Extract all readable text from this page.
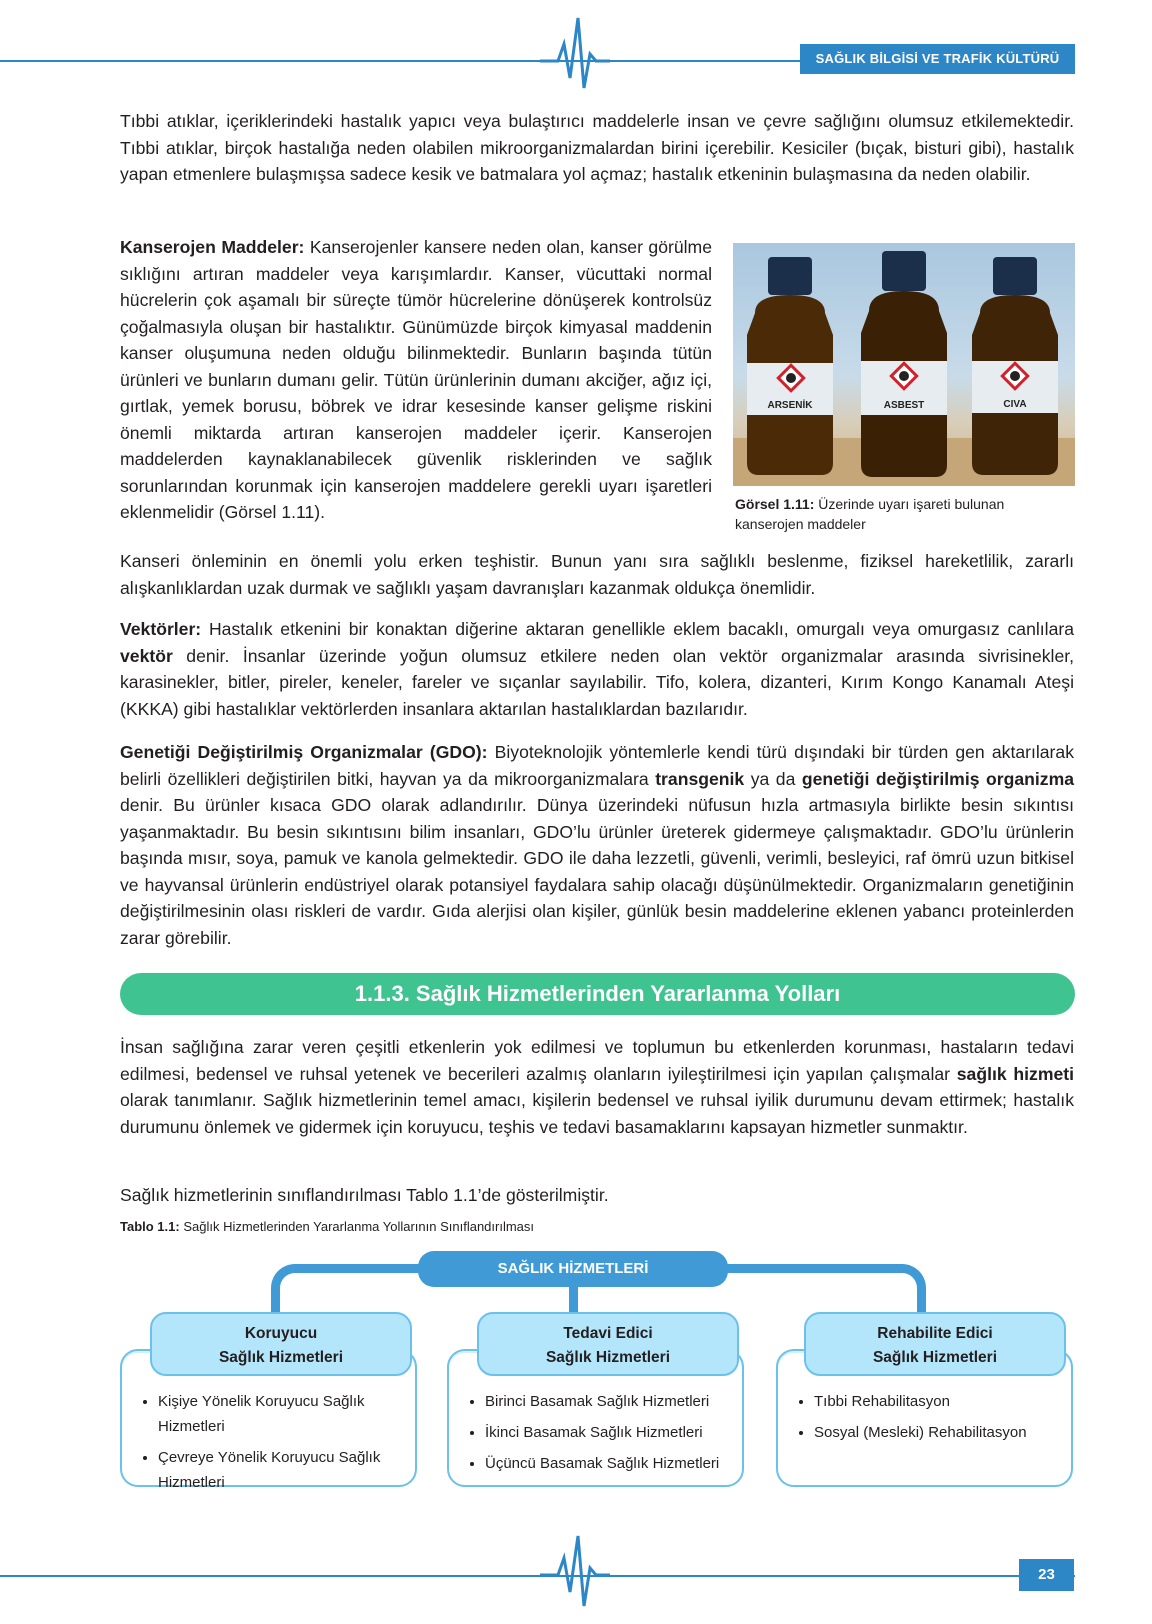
SAĞLIK BİLGİSİ VE TRAFİK KÜLTÜRÜ

Tıbbi atıklar, içeriklerindeki hastalık yapıcı veya bulaştırıcı maddelerle insan ve çevre sağlığını olumsuz etkilemektedir. Tıbbi atıklar, birçok hastalığa neden olabilen mikroorganizmalardan birini içerebilir. Kesiciler (bıçak, bisturi gibi), hastalık yapan etmenlere bulaşmışsa sadece kesik ve batmalara yol açmaz; hastalık etkeninin bulaşmasına da neden olabilir.

Kanserojen Maddeler: Kanserojenler kansere neden olan, kanser görülme sıklığını artıran maddeler veya karışımlardır. Kanser, vücuttaki normal hücrelerin çok aşamalı bir süreçte tümör hücrelerine dönüşerek kontrolsüz çoğalmasıyla oluşan bir hastalıktır. Günümüzde birçok kimyasal maddenin kanser oluşumuna neden olduğu bilinmektedir. Bunların başında tütün ürünleri ve bunların dumanı gelir. Tütün ürünlerinin dumanı akciğer, ağız içi, gırtlak, yemek borusu, böbrek ve idrar kesesinde kanser gelişme riskini önemli miktarda artıran kanserojen maddeler içerir. Kanserojen maddelerden kaynaklanabilecek güvenlik risklerinden ve sağlık sorunlarından korunmak için kanserojen maddelere gerekli uyarı işaretleri eklenmelidir (Görsel 1.11).

ARSENİK	ASBEST	CIVA
Görsel 1.11: Üzerinde uyarı işareti bulunan kanserojen maddeler

Kanseri önleminin en önemli yolu erken teşhistir. Bunun yanı sıra sağlıklı beslenme, fiziksel hareketlilik, zararlı alışkanlıklardan uzak durmak ve sağlıklı yaşam davranışları kazanmak oldukça önemlidir.

Vektörler: Hastalık etkenini bir konaktan diğerine aktaran genellikle eklem bacaklı, omurgalı veya omurgasız canlılara vektör denir. İnsanlar üzerinde yoğun olumsuz etkilere neden olan vektör organizmalar arasında sivrisinekler, karasinekler, bitler, pireler, keneler, fareler ve sıçanlar sayılabilir. Tifo, kolera, dizanteri, Kırım Kongo Kanamalı Ateşi (KKKA) gibi hastalıklar vektörlerden insanlara aktarılan hastalıklardan bazılarıdır.

Genetiği Değiştirilmiş Organizmalar (GDO): Biyoteknolojik yöntemlerle kendi türü dışındaki bir türden gen aktarılarak belirli özellikleri değiştirilen bitki, hayvan ya da mikroorganizmalara transgenik ya da genetiği değiştirilmiş organizma denir. Bu ürünler kısaca GDO olarak adlandırılır. Dünya üzerindeki nüfusun hızla artmasıyla birlikte besin sıkıntısı yaşanmaktadır. Bu besin sıkıntısını bilim insanları, GDO’lu ürünler üreterek gidermeye çalışmaktadır. GDO’lu ürünlerin başında mısır, soya, pamuk ve kanola gelmektedir. GDO ile daha lezzetli, güvenli, verimli, besleyici, raf ömrü uzun bitkisel ve hayvansal ürünlerin endüstriyel olarak potansiyel faydalara sahip olacağı düşünülmektedir. Organizmaların genetiğinin değiştirilmesinin olası riskleri de vardır. Gıda alerjisi olan kişiler, günlük besin maddelerine eklenen yabancı proteinlerden zarar görebilir.

1.1.3. Sağlık Hizmetlerinden Yararlanma Yolları

İnsan sağlığına zarar veren çeşitli etkenlerin yok edilmesi ve toplumun bu etkenlerden korunması, hastaların tedavi edilmesi, bedensel ve ruhsal yetenek ve becerileri azalmış olanların iyileştirilmesi için yapılan çalışmalar sağlık hizmeti olarak tanımlanır. Sağlık hizmetlerinin temel amacı, kişilerin bedensel ve ruhsal iyilik durumunu devam ettirmek; hastalık durumunu önlemek ve gidermek için koruyucu, teşhis ve tedavi basamaklarını kapsayan hizmetler sunmaktır.

Sağlık hizmetlerinin sınıflandırılması Tablo 1.1’de gösterilmiştir.

Tablo 1.1: Sağlık Hizmetlerinden Yararlanma Yollarının Sınıflandırılması
SAĞLIK HİZMETLERİ
Koruyucu
Sağlık Hizmetleri
• Kişiye Yönelik Koruyucu Sağlık Hizmetleri
• Çevreye Yönelik Koruyucu Sağlık Hizmetleri
Tedavi Edici
Sağlık Hizmetleri
• Birinci Basamak Sağlık Hizmetleri
• İkinci Basamak Sağlık Hizmetleri
• Üçüncü Basamak Sağlık Hizmetleri
Rehabilite Edici
Sağlık Hizmetleri
• Tıbbi Rehabilitasyon
• Sosyal (Mesleki) Rehabilitasyon
23
